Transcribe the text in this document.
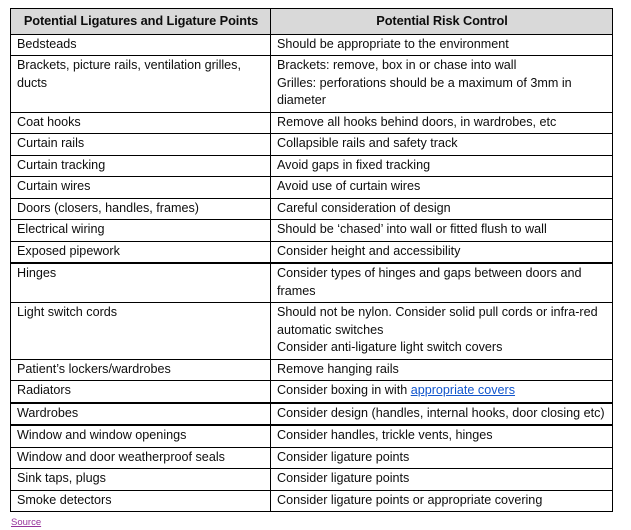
Potential Ligatures and Ligature Points	Potential Risk Control
Bedsteads	Should be appropriate to the environment

Brackets, picture rails, ventilation grilles, ducts	Brackets: remove, box in or chase into wall

Grilles: perforations should be a maximum of 3mm in diameter

Coat hooks	Remove all hooks behind doors, in wardrobes, etc

Curtain rails	Collapsible rails and safety track

Curtain tracking	Avoid gaps in fixed tracking

Curtain wires	Avoid use of curtain wires

Doors (closers, handles, frames)	Careful consideration of design

Electrical wiring	Should be ‘chased’ into wall or fitted flush to wall

Exposed pipework	Consider height and accessibility

Hinges	Consider types of hinges and gaps between doors and frames

Light switch cords	Should not be nylon. Consider solid pull cords or infra-red automatic switches

Consider anti-ligature light switch covers

Patient’s lockers/wardrobes	Remove hanging rails

Radiators	Consider boxing in with appropriate covers

Wardrobes	Consider design (handles, internal hooks, door closing etc)

Window and window openings	Consider handles, trickle vents, hinges

Window and door weatherproof seals	Consider ligature points

Sink taps, plugs	Consider ligature points

Smoke detectors	Consider ligature points or appropriate covering

Source
